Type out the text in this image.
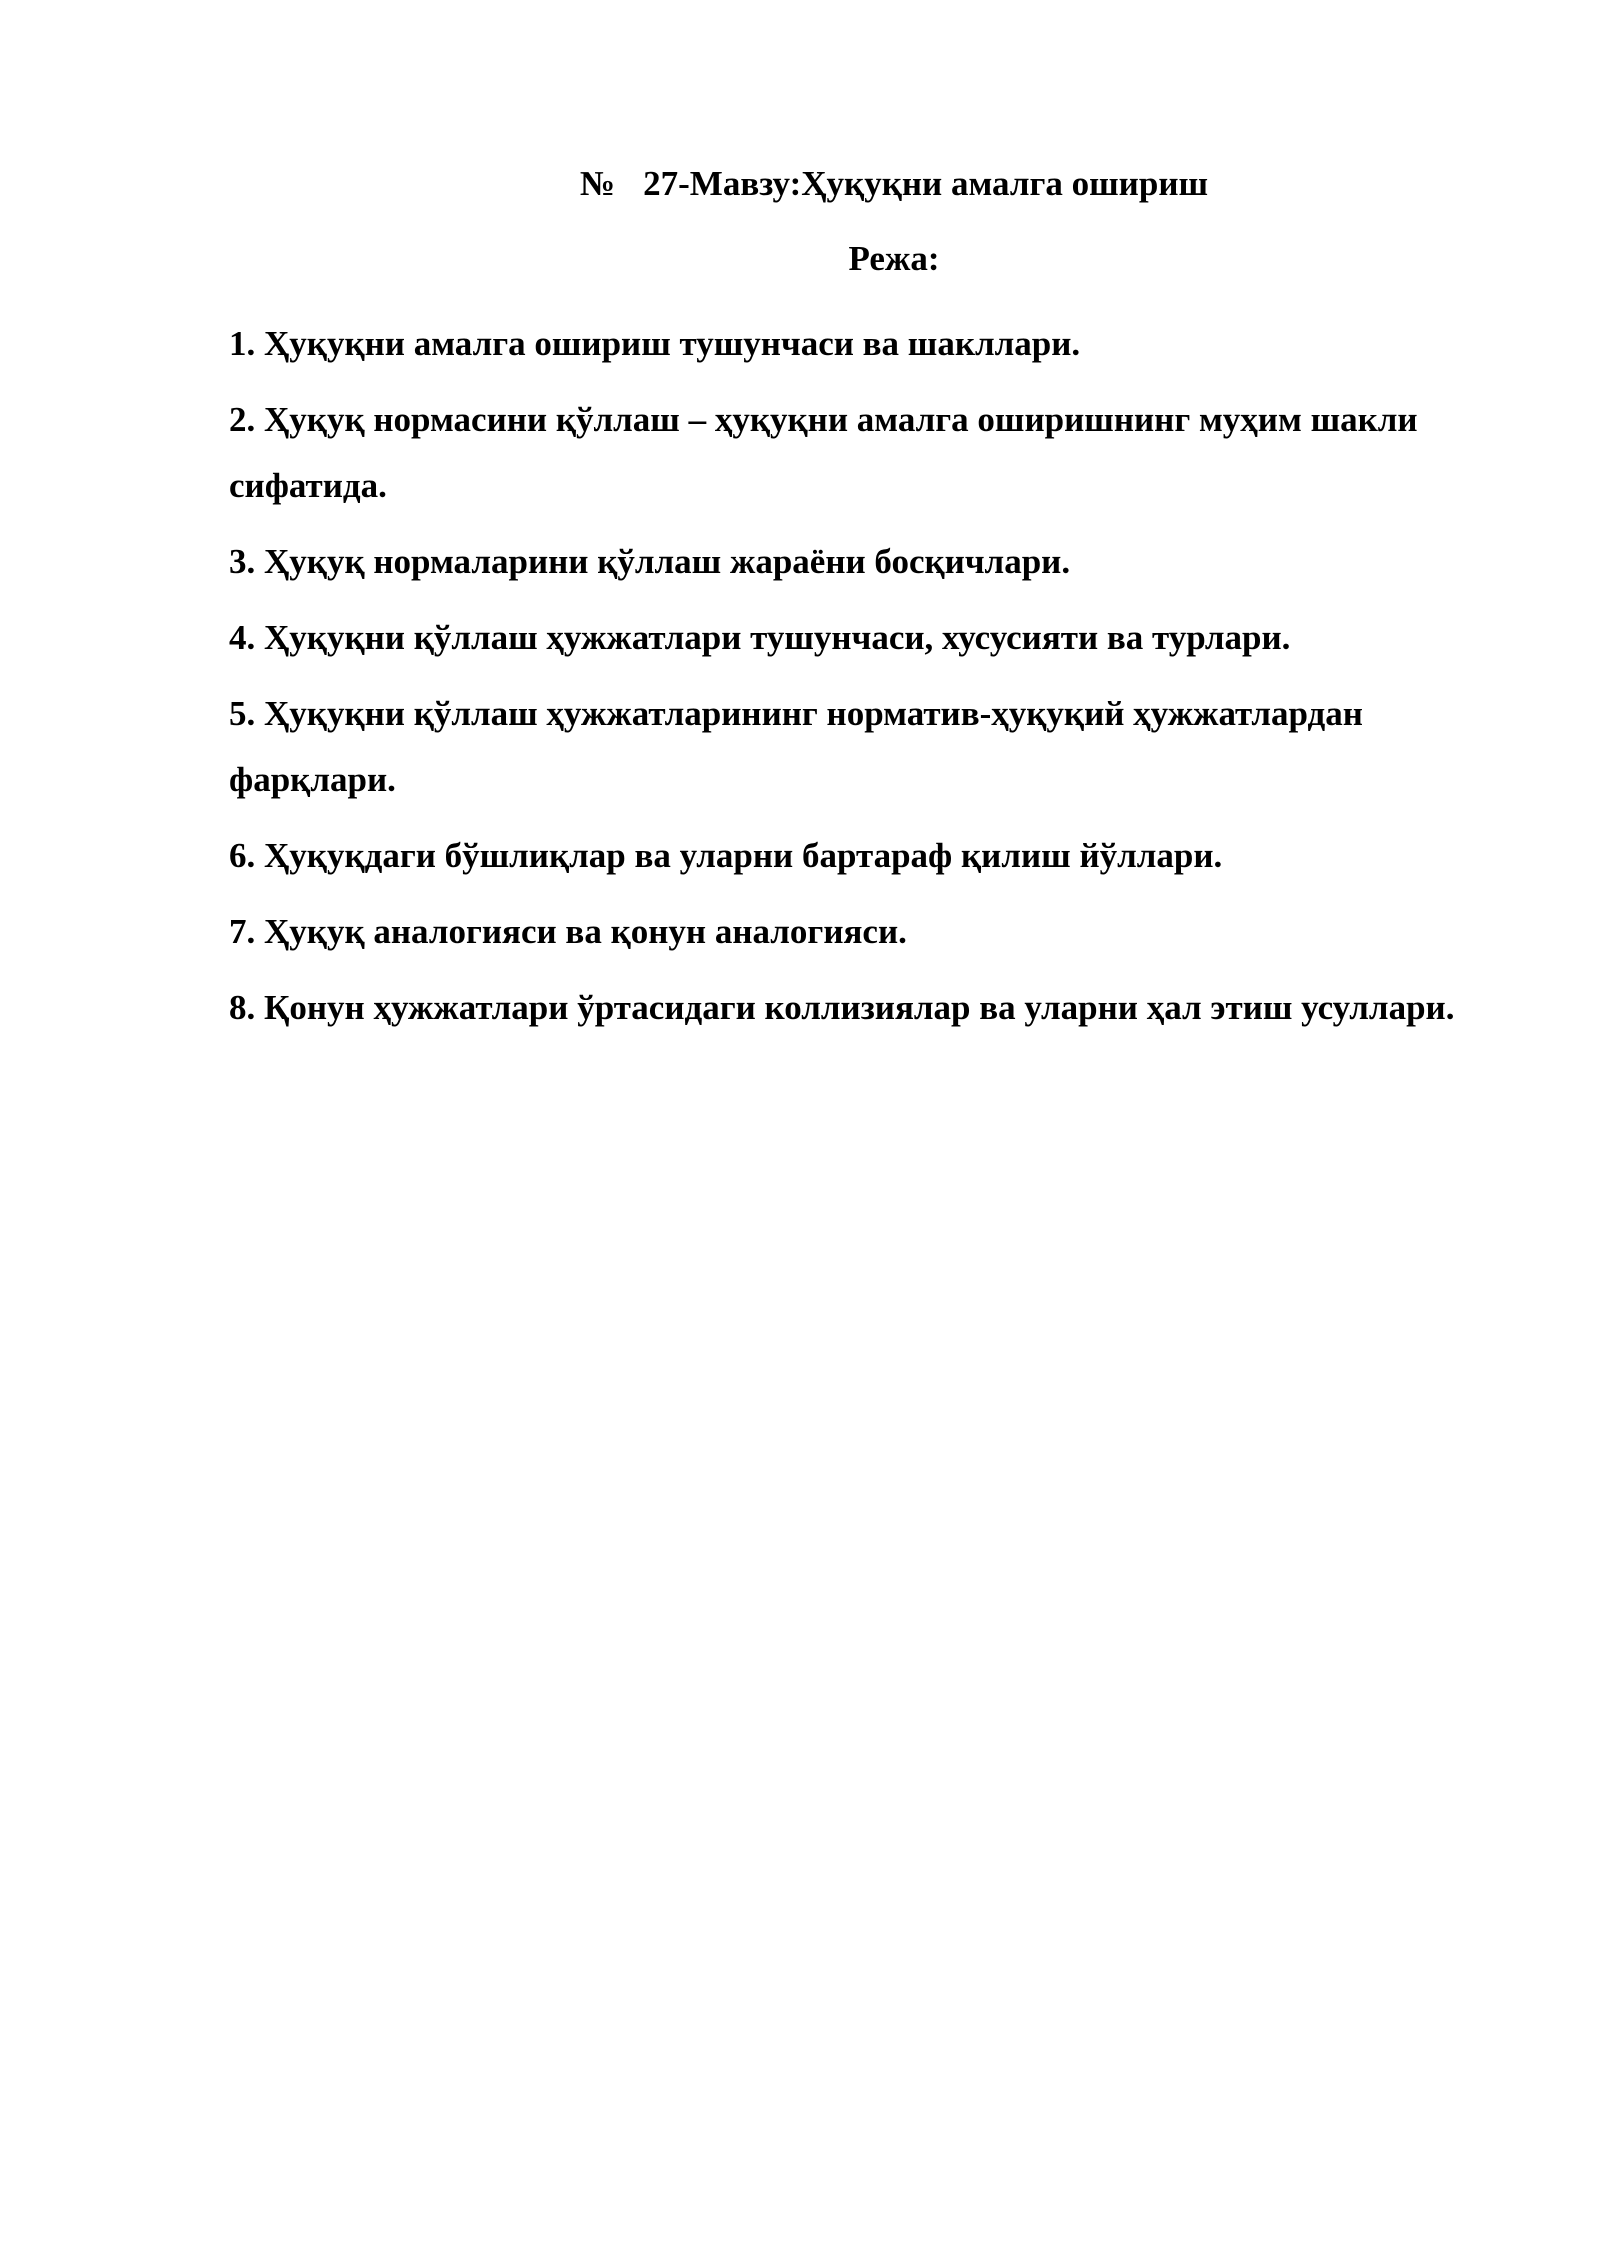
№ 27-Мавзу:Ҳуқуқни амалга ошириш
Режа:
1. Ҳуқуқни амалга ошириш тушунчаси ва шакллари.
2. Ҳуқуқ нормасини қўллаш – ҳуқуқни амалга оширишнинг муҳим шакли сифатида.
3. Ҳуқуқ нормаларини қўллаш жараёни босқичлари.
4. Ҳуқуқни қўллаш ҳужжатлари тушунчаси, хусусияти ва турлари.
5. Ҳуқуқни қўллаш ҳужжатларининг норматив-ҳуқуқий ҳужжатлардан фарқлари.
6. Ҳуқуқдаги бўшлиқлар ва уларни бартараф қилиш йўллари.
7. Ҳуқуқ аналогияси ва қонун аналогияси.
8. Қонун ҳужжатлари ўртасидаги коллизиялар ва уларни ҳал этиш усуллари.
